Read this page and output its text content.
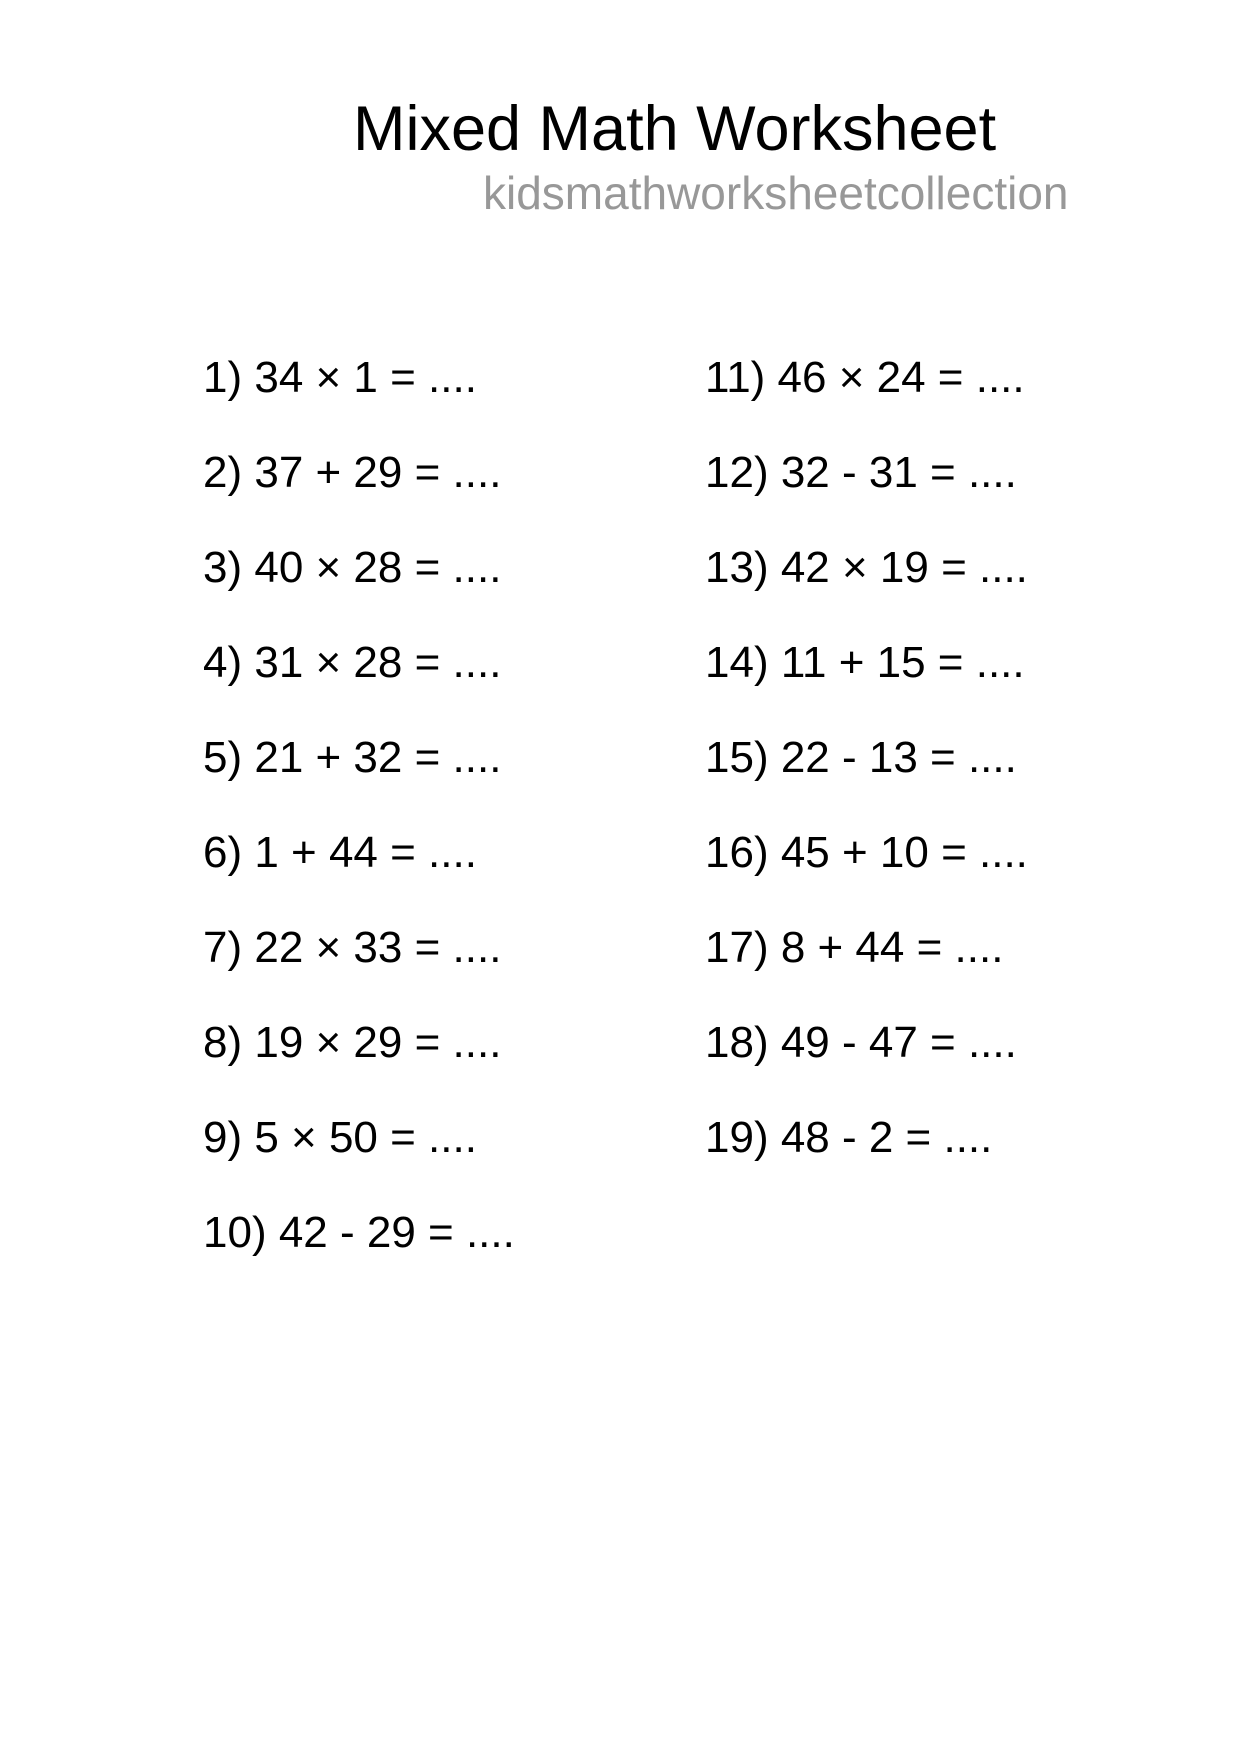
Mixed Math Worksheet
kidsmathworksheetcollection
1) 34 × 1 = ....
2) 37 + 29 = ....
3) 40 × 28 = ....
4) 31 × 28 = ....
5) 21 + 32 = ....
6) 1 + 44 = ....
7) 22 × 33 = ....
8) 19 × 29 = ....
9) 5 × 50 = ....
10) 42 - 29 = ....
11) 46 × 24 = ....
12) 32 - 31 = ....
13) 42 × 19 = ....
14) 11 + 15 = ....
15) 22 - 13 = ....
16) 45 + 10 = ....
17) 8 + 44 = ....
18) 49 - 47 = ....
19) 48 - 2 = ....
